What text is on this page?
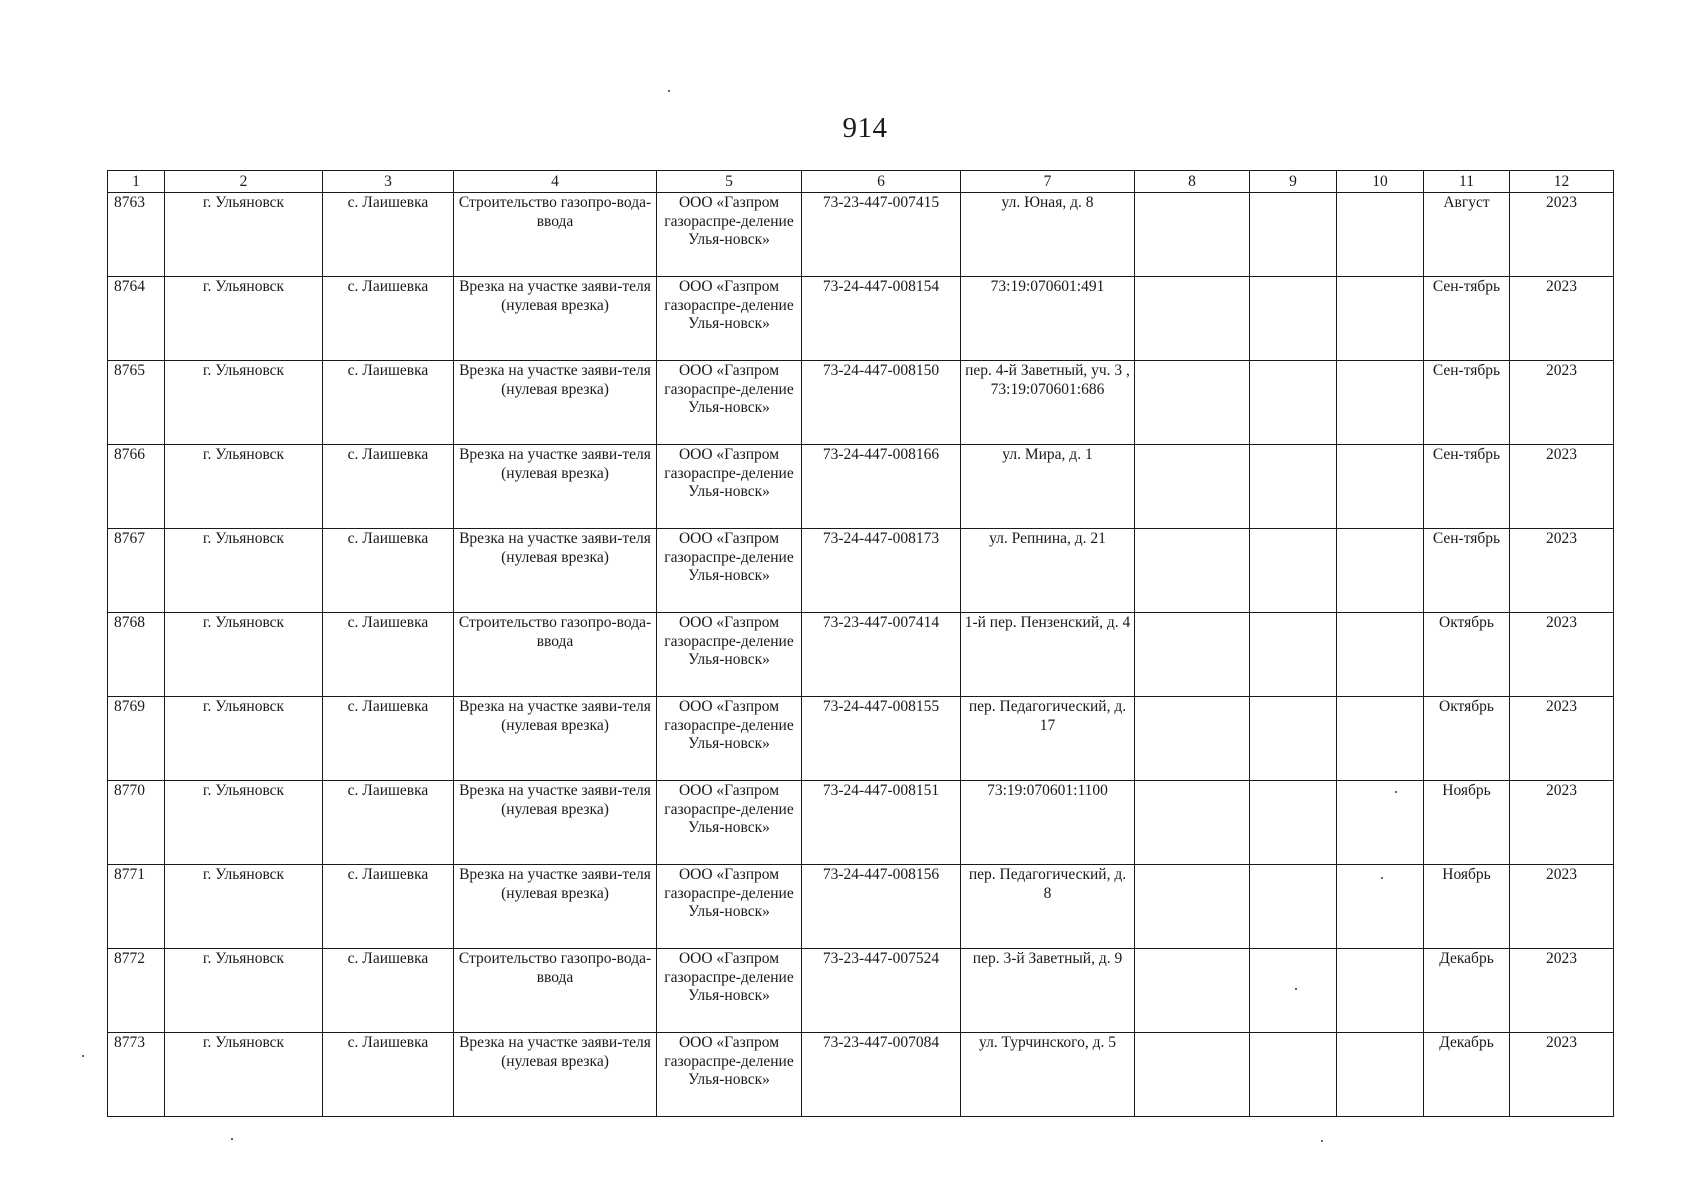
914
1	2	3	4	5	6	7	8	9	10	11	12
8763	г. Ульяновск	с. Лаишевка	Строительство газопро-вода-ввода	ООО «Газпром газораспре-деление Улья-новск»	73-23-447-007415	ул. Юная, д. 8				Август	2023
8764	г. Ульяновск	с. Лаишевка	Врезка на участке заяви-теля (нулевая врезка)	ООО «Газпром газораспре-деление Улья-новск»	73-24-447-008154	73:19:070601:491				Сен-тябрь	2023
8765	г. Ульяновск	с. Лаишевка	Врезка на участке заяви-теля (нулевая врезка)	ООО «Газпром газораспре-деление Улья-новск»	73-24-447-008150	пер. 4-й Заветный, уч. 3 , 73:19:070601:686				Сен-тябрь	2023
8766	г. Ульяновск	с. Лаишевка	Врезка на участке заяви-теля (нулевая врезка)	ООО «Газпром газораспре-деление Улья-новск»	73-24-447-008166	ул. Мира, д. 1				Сен-тябрь	2023
8767	г. Ульяновск	с. Лаишевка	Врезка на участке заяви-теля (нулевая врезка)	ООО «Газпром газораспре-деление Улья-новск»	73-24-447-008173	ул. Репнина, д. 21				Сен-тябрь	2023
8768	г. Ульяновск	с. Лаишевка	Строительство газопро-вода-ввода	ООО «Газпром газораспре-деление Улья-новск»	73-23-447-007414	1-й пер. Пензенский, д. 4				Октябрь	2023
8769	г. Ульяновск	с. Лаишевка	Врезка на участке заяви-теля (нулевая врезка)	ООО «Газпром газораспре-деление Улья-новск»	73-24-447-008155	пер. Педагогический, д. 17				Октябрь	2023
8770	г. Ульяновск	с. Лаишевка	Врезка на участке заяви-теля (нулевая врезка)	ООО «Газпром газораспре-деление Улья-новск»	73-24-447-008151	73:19:070601:1100				Ноябрь	2023
8771	г. Ульяновск	с. Лаишевка	Врезка на участке заяви-теля (нулевая врезка)	ООО «Газпром газораспре-деление Улья-новск»	73-24-447-008156	пер. Педагогический, д. 8				Ноябрь	2023
8772	г. Ульяновск	с. Лаишевка	Строительство газопро-вода-ввода	ООО «Газпром газораспре-деление Улья-новск»	73-23-447-007524	пер. 3-й Заветный, д. 9				Декабрь	2023
8773	г. Ульяновск	с. Лаишевка	Врезка на участке заяви-теля (нулевая врезка)	ООО «Газпром газораспре-деление Улья-новск»	73-23-447-007084	ул. Турчинского, д. 5				Декабрь	2023
